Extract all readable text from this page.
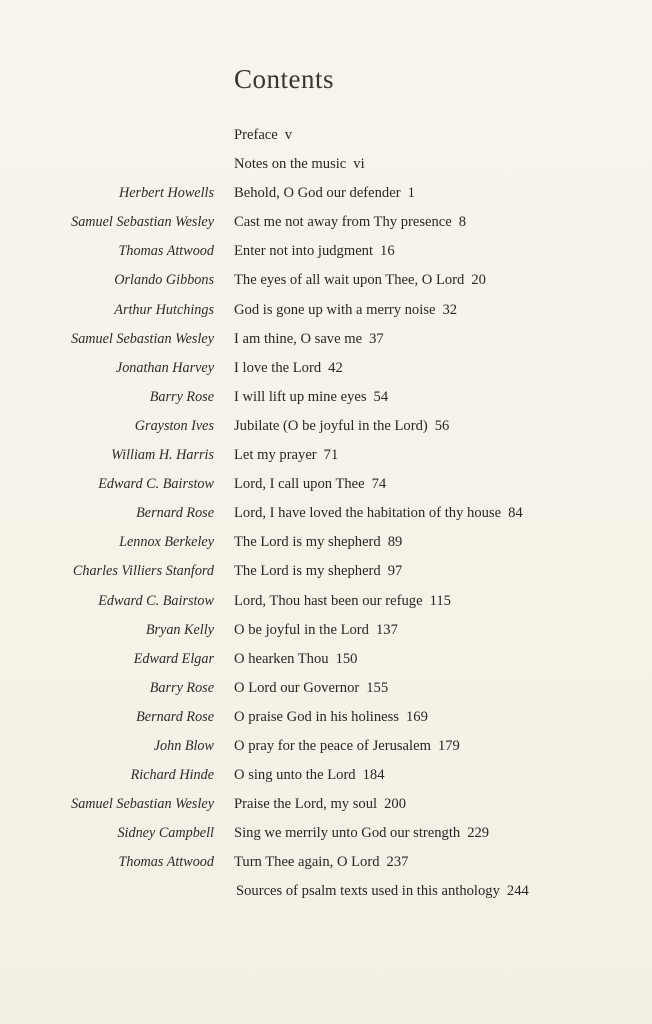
Contents
Preface v
Notes on the music vi
Herbert Howells Behold, O God our defender 1
Samuel Sebastian Wesley Cast me not away from Thy presence 8
Thomas Attwood Enter not into judgment 16
Orlando Gibbons The eyes of all wait upon Thee, O Lord 20
Arthur Hutchings God is gone up with a merry noise 32
Samuel Sebastian Wesley I am thine, O save me 37
Jonathan Harvey I love the Lord 42
Barry Rose I will lift up mine eyes 54
Grayston Ives Jubilate (O be joyful in the Lord) 56
William H. Harris Let my prayer 71
Edward C. Bairstow Lord, I call upon Thee 74
Bernard Rose Lord, I have loved the habitation of thy house 84
Lennox Berkeley The Lord is my shepherd 89
Charles Villiers Stanford The Lord is my shepherd 97
Edward C. Bairstow Lord, Thou hast been our refuge 115
Bryan Kelly O be joyful in the Lord 137
Edward Elgar O hearken Thou 150
Barry Rose O Lord our Governor 155
Bernard Rose O praise God in his holiness 169
John Blow O pray for the peace of Jerusalem 179
Richard Hinde O sing unto the Lord 184
Samuel Sebastian Wesley Praise the Lord, my soul 200
Sidney Campbell Sing we merrily unto God our strength 229
Thomas Attwood Turn Thee again, O Lord 237
Sources of psalm texts used in this anthology 244
